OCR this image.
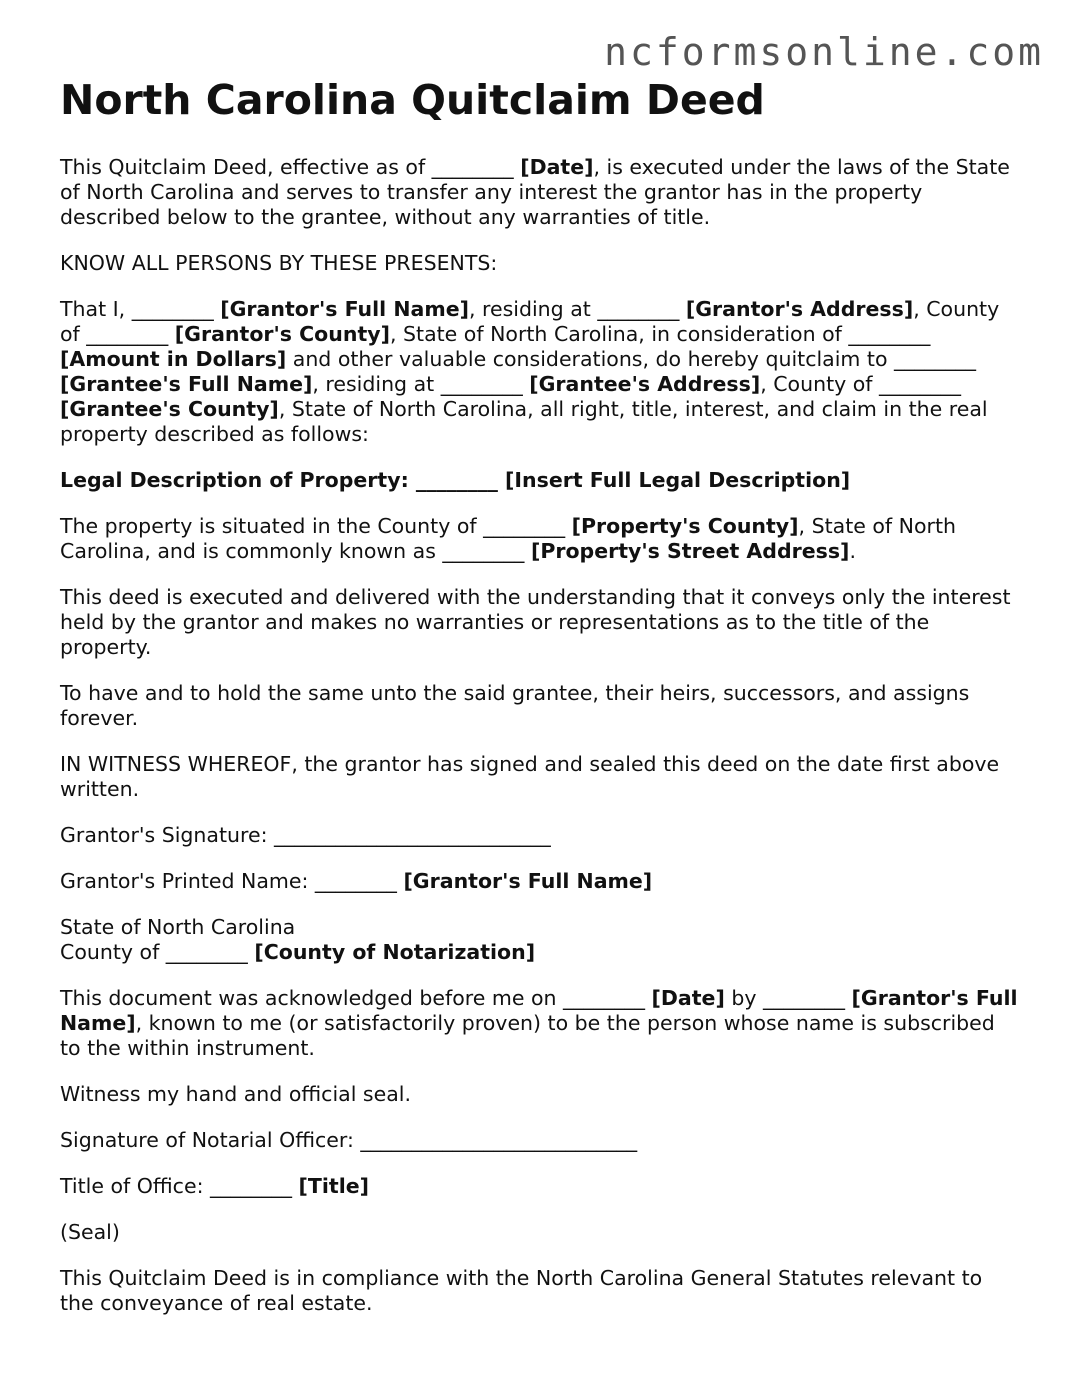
ncformsonline.com
North Carolina Quitclaim Deed

This Quitclaim Deed, effective as of ________ [Date], is executed under the laws of the State of North Carolina and serves to transfer any interest the grantor has in the property described below to the grantee, without any warranties of title.

KNOW ALL PERSONS BY THESE PRESENTS:

That I, ________ [Grantor's Full Name], residing at ________ [Grantor's Address], County of ________ [Grantor's County], State of North Carolina, in consideration of ________ [Amount in Dollars] and other valuable considerations, do hereby quitclaim to ________ [Grantee's Full Name], residing at ________ [Grantee's Address], County of ________ [Grantee's County], State of North Carolina, all right, title, interest, and claim in the real property described as follows:

Legal Description of Property: ________ [Insert Full Legal Description]

The property is situated in the County of ________ [Property's County], State of North Carolina, and is commonly known as ________ [Property's Street Address].

This deed is executed and delivered with the understanding that it conveys only the interest held by the grantor and makes no warranties or representations as to the title of the property.

To have and to hold the same unto the said grantee, their heirs, successors, and assigns forever.

IN WITNESS WHEREOF, the grantor has signed and sealed this deed on the date first above written.

Grantor's Signature: ___________________________

Grantor's Printed Name: ________ [Grantor's Full Name]

State of North Carolina
County of ________ [County of Notarization]

This document was acknowledged before me on ________ [Date] by ________ [Grantor's Full Name], known to me (or satisfactorily proven) to be the person whose name is subscribed to the within instrument.

Witness my hand and official seal.

Signature of Notarial Officer: ___________________________

Title of Office: ________ [Title]

(Seal)

This Quitclaim Deed is in compliance with the North Carolina General Statutes relevant to the conveyance of real estate.
